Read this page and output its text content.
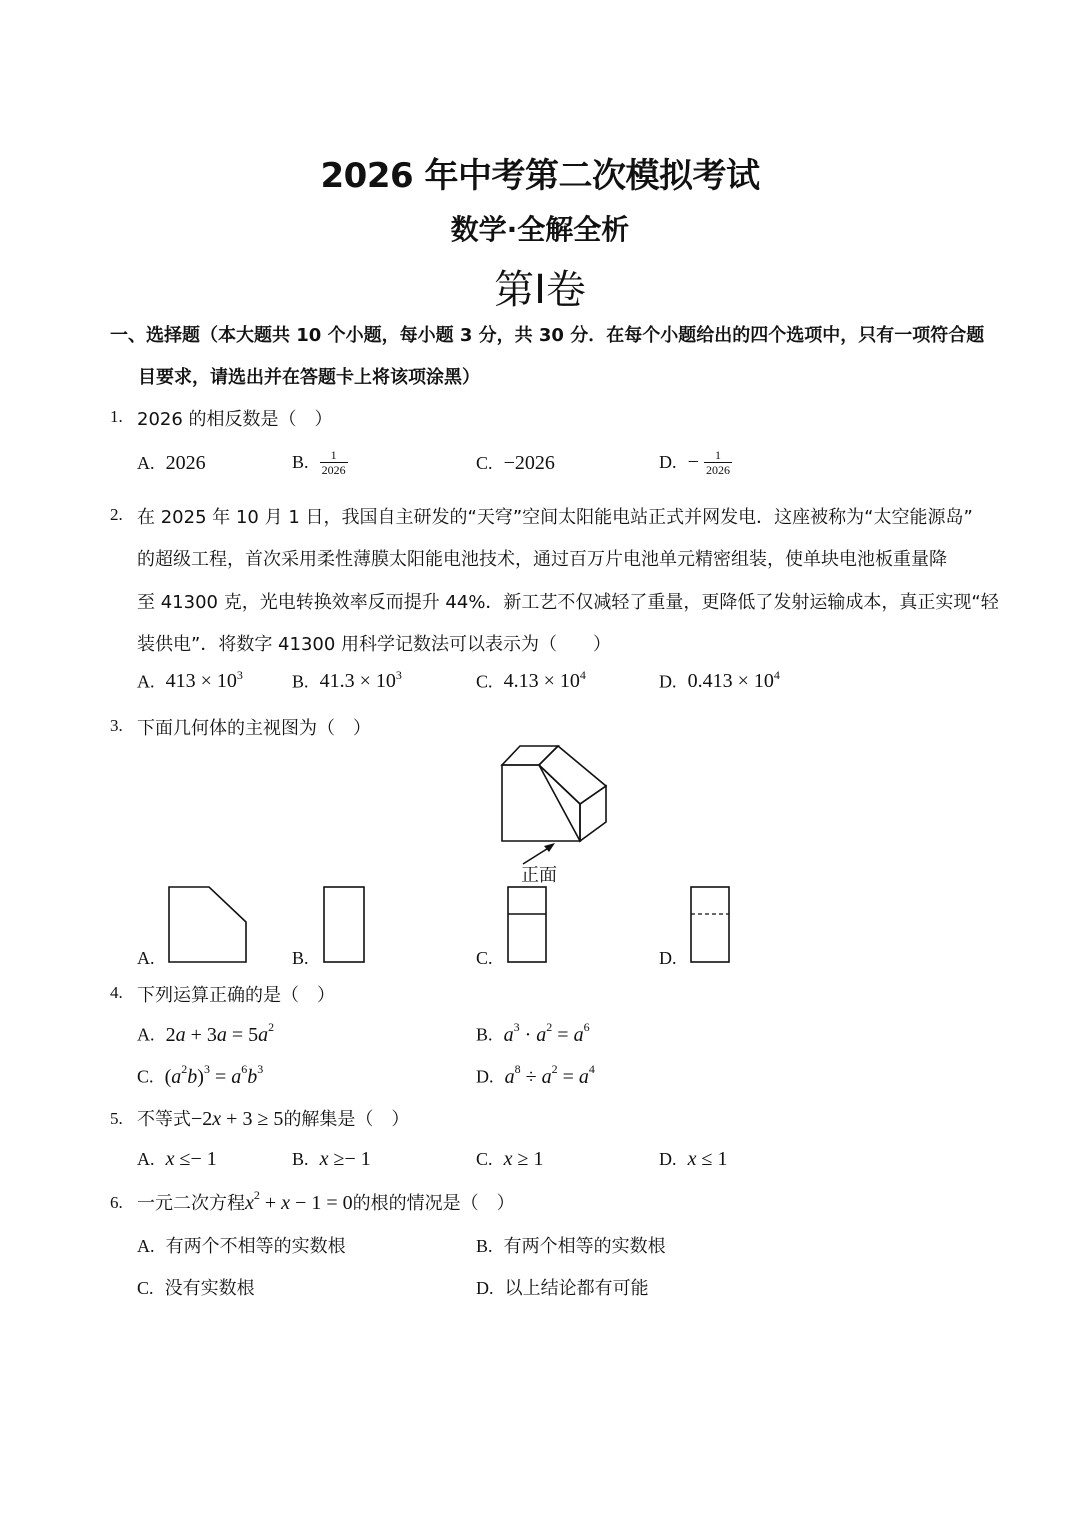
2026 年中考第二次模拟考试
数学·全解全析
第I卷
一、选择题（本大题共 10 个小题，每小题 3 分，共 30 分．在每个小题给出的四个选项中，只有一项符合题
目要求，请选出并在答题卡上将该项涂黑）
1. 2026 的相反数是（　）
A. 2026	B. $\frac{1}{2026}$	C. −2026	D. − $\frac{1}{2026}$
2. 在 2025 年 10 月 1 日，我国自主研发的“天穹”空间太阳能电站正式并网发电．这座被称为“太空能源岛”
的超级工程，首次采用柔性薄膜太阳能电池技术，通过百万片电池单元精密组装，使单块电池板重量降
至 41300 克，光电转换效率反而提升 44%．新工艺不仅减轻了重量，更降低了发射运输成本，真正实现“轻
装供电”．将数字 41300 用科学记数法可以表示为（　　）
A. $413 \times 10^3$	B. $41.3 \times 10^3$	C. $4.13 \times 10^4$	D. $0.413 \times 10^4$
3. 下面几何体的主视图为（　）
正面
A.	B.	C.	D.
4. 下列运算正确的是（　）
A. $2a + 3a = 5a^2$	B. $a^3 \cdot a^2 = a^6$
C. $(a^2b)^3 = a^6b^3$	D. $a^8 \div a^2 = a^4$
5. 不等式−2x + 3 ≥ 5的解集是（　）
A. x ≤− 1	B. x ≥− 1	C. x ≥ 1	D. x ≤ 1
6. 一元二次方程$x^2 + x - 1 = 0$的根的情况是（　）
A. 有两个不相等的实数根	B. 有两个相等的实数根
C. 没有实数根	D. 以上结论都有可能
